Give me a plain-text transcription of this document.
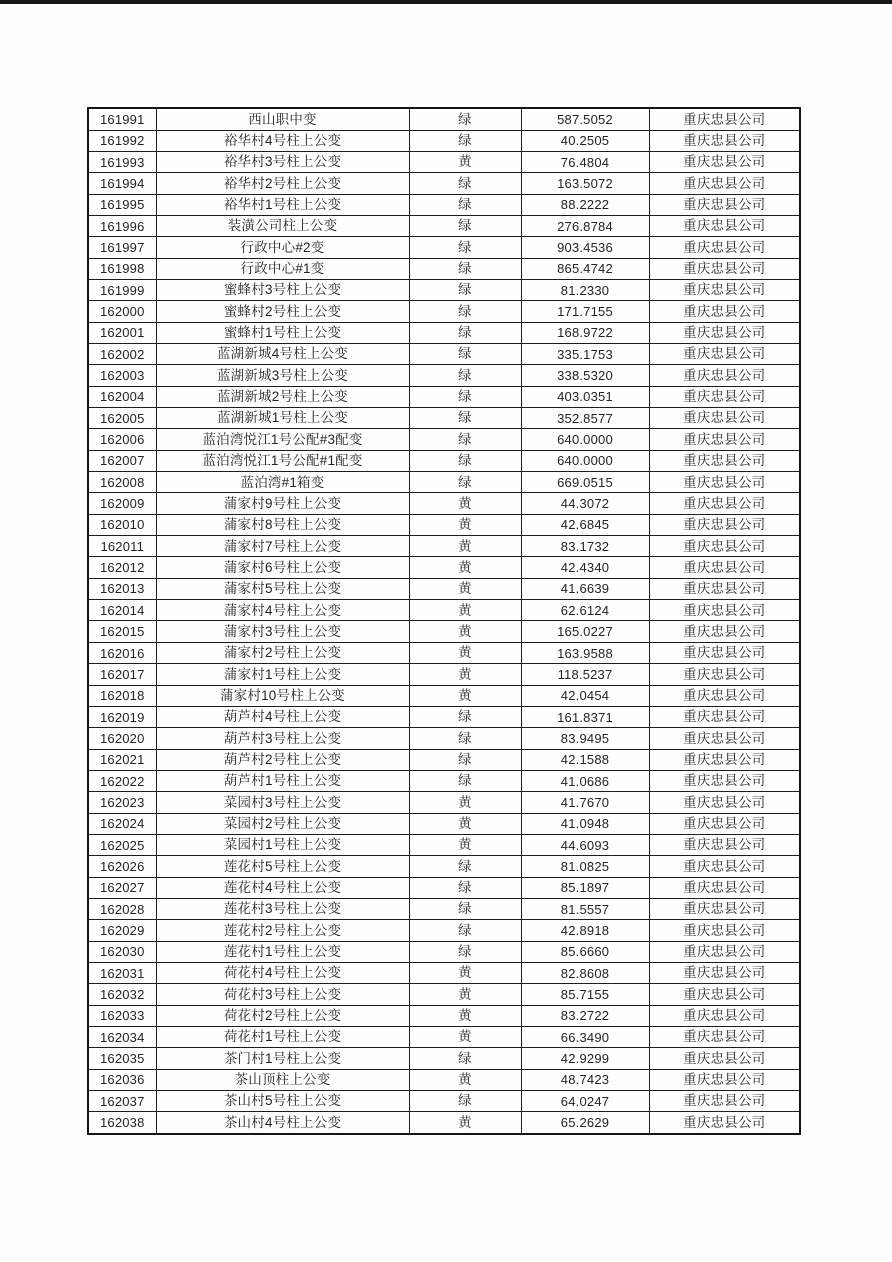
161991	西山职中变	绿	587.5052	重庆忠县公司
161992	裕华村4号柱上公变	绿	40.2505	重庆忠县公司
161993	裕华村3号柱上公变	黄	76.4804	重庆忠县公司
161994	裕华村2号柱上公变	绿	163.5072	重庆忠县公司
161995	裕华村1号柱上公变	绿	88.2222	重庆忠县公司
161996	装潢公司柱上公变	绿	276.8784	重庆忠县公司
161997	行政中心#2变	绿	903.4536	重庆忠县公司
161998	行政中心#1变	绿	865.4742	重庆忠县公司
161999	蜜蜂村3号柱上公变	绿	81.2330	重庆忠县公司
162000	蜜蜂村2号柱上公变	绿	171.7155	重庆忠县公司
162001	蜜蜂村1号柱上公变	绿	168.9722	重庆忠县公司
162002	蓝湖新城4号柱上公变	绿	335.1753	重庆忠县公司
162003	蓝湖新城3号柱上公变	绿	338.5320	重庆忠县公司
162004	蓝湖新城2号柱上公变	绿	403.0351	重庆忠县公司
162005	蓝湖新城1号柱上公变	绿	352.8577	重庆忠县公司
162006	蓝泊湾悦江1号公配#3配变	绿	640.0000	重庆忠县公司
162007	蓝泊湾悦江1号公配#1配变	绿	640.0000	重庆忠县公司
162008	蓝泊湾#1箱变	绿	669.0515	重庆忠县公司
162009	蒲家村9号柱上公变	黄	44.3072	重庆忠县公司
162010	蒲家村8号柱上公变	黄	42.6845	重庆忠县公司
162011	蒲家村7号柱上公变	黄	83.1732	重庆忠县公司
162012	蒲家村6号柱上公变	黄	42.4340	重庆忠县公司
162013	蒲家村5号柱上公变	黄	41.6639	重庆忠县公司
162014	蒲家村4号柱上公变	黄	62.6124	重庆忠县公司
162015	蒲家村3号柱上公变	黄	165.0227	重庆忠县公司
162016	蒲家村2号柱上公变	黄	163.9588	重庆忠县公司
162017	蒲家村1号柱上公变	黄	118.5237	重庆忠县公司
162018	蒲家村10号柱上公变	黄	42.0454	重庆忠县公司
162019	葫芦村4号柱上公变	绿	161.8371	重庆忠县公司
162020	葫芦村3号柱上公变	绿	83.9495	重庆忠县公司
162021	葫芦村2号柱上公变	绿	42.1588	重庆忠县公司
162022	葫芦村1号柱上公变	绿	41.0686	重庆忠县公司
162023	菜园村3号柱上公变	黄	41.7670	重庆忠县公司
162024	菜园村2号柱上公变	黄	41.0948	重庆忠县公司
162025	菜园村1号柱上公变	黄	44.6093	重庆忠县公司
162026	莲花村5号柱上公变	绿	81.0825	重庆忠县公司
162027	莲花村4号柱上公变	绿	85.1897	重庆忠县公司
162028	莲花村3号柱上公变	绿	81.5557	重庆忠县公司
162029	莲花村2号柱上公变	绿	42.8918	重庆忠县公司
162030	莲花村1号柱上公变	绿	85.6660	重庆忠县公司
162031	荷花村4号柱上公变	黄	82.8608	重庆忠县公司
162032	荷花村3号柱上公变	黄	85.7155	重庆忠县公司
162033	荷花村2号柱上公变	黄	83.2722	重庆忠县公司
162034	荷花村1号柱上公变	黄	66.3490	重庆忠县公司
162035	茶门村1号柱上公变	绿	42.9299	重庆忠县公司
162036	茶山顶柱上公变	黄	48.7423	重庆忠县公司
162037	茶山村5号柱上公变	绿	64.0247	重庆忠县公司
162038	茶山村4号柱上公变	黄	65.2629	重庆忠县公司
